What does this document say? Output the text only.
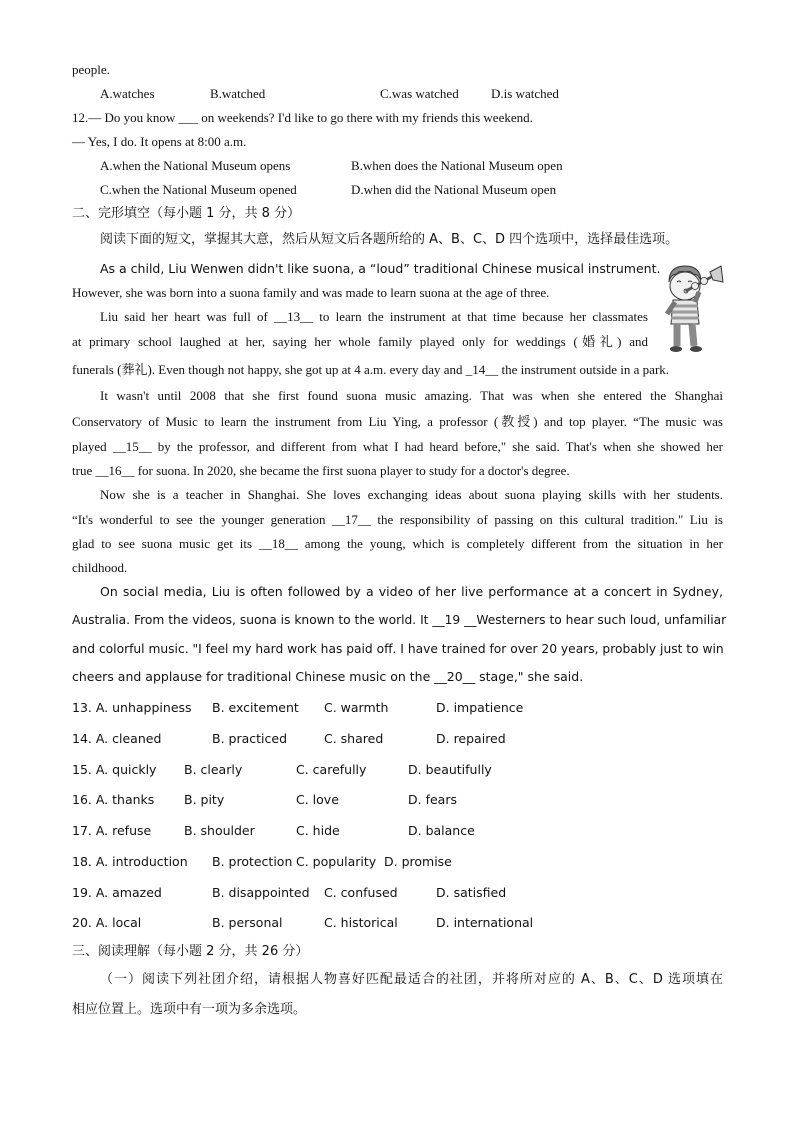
people.
A.watches	B.watched	C.was watched D.is watched
12.— Do you know ___ on weekends? I'd like to go there with my friends this weekend.
— Yes, I do. It opens at 8:00 a.m.
A.when the National Museum opens	B.when does the National Museum open
C.when the National Museum opened	D.when did the National Museum open
二、完形填空（每小题 1 分，共 8 分）
阅读下面的短文，掌握其大意，然后从短文后各题所给的 A、B、C、D 四个选项中，选择最佳选项。
As a child, Liu Wenwen didn't like suona, a “loud” traditional Chinese musical instrument.
However, she was born into a suona family and was made to learn suona at the age of three.
Liu said her heart was full of __13__ to learn the instrument at that time because her classmates
at primary school laughed at her, saying her whole family played only for weddings (婚礼) and
funerals (葬礼). Even though not happy, she got up at 4 a.m. every day and _14__ the instrument outside in a park.
It wasn't until 2008 that she first found suona music amazing. That was when she entered the Shanghai
Conservatory of Music to learn the instrument from Liu Ying, a professor (教授) and top player. “The music was
played __15__ by the professor, and different from what I had heard before," she said. That's when she showed her
true __16__ for suona. In 2020, she became the first suona player to study for a doctor's degree.
Now she is a teacher in Shanghai. She loves exchanging ideas about suona playing skills with her students.
“It's wonderful to see the younger generation __17__ the responsibility of passing on this cultural tradition." Liu is
glad to see suona music get its __18__ among the young, which is completely different from the situation in her
childhood.
On social media, Liu is often followed by a video of her live performance at a concert in Sydney,
Australia. From the videos, suona is known to the world. It __19 __Westerners to hear such loud, unfamiliar
and colorful music. "I feel my hard work has paid off. I have trained for over 20 years, probably just to win
cheers and applause for traditional Chinese music on the __20__ stage," she said.
13. A. unhappiness B. excitement C. warmth	D. impatience
14. A. cleaned	B. practiced	C. shared	D. repaired
15. A. quickly B. clearly	C. carefully	D. beautifully
16. A. thanks B. pity	C. love	D. fears
17. A. refuse	B. shoulder	C. hide	D. balance
18. A. introduction B. protection C. popularity D. promise
19. A. amazed	B. disappointed C. confused	D. satisfied
20. A. local	B. personal	C. historical	D. international
三、阅读理解（每小题 2 分，共 26 分）
（一）阅读下列社团介绍，请根据人物喜好匹配最适合的社团，并将所对应的 A、B、C、D 选项填在
相应位置上。选项中有一项为多余选项。
